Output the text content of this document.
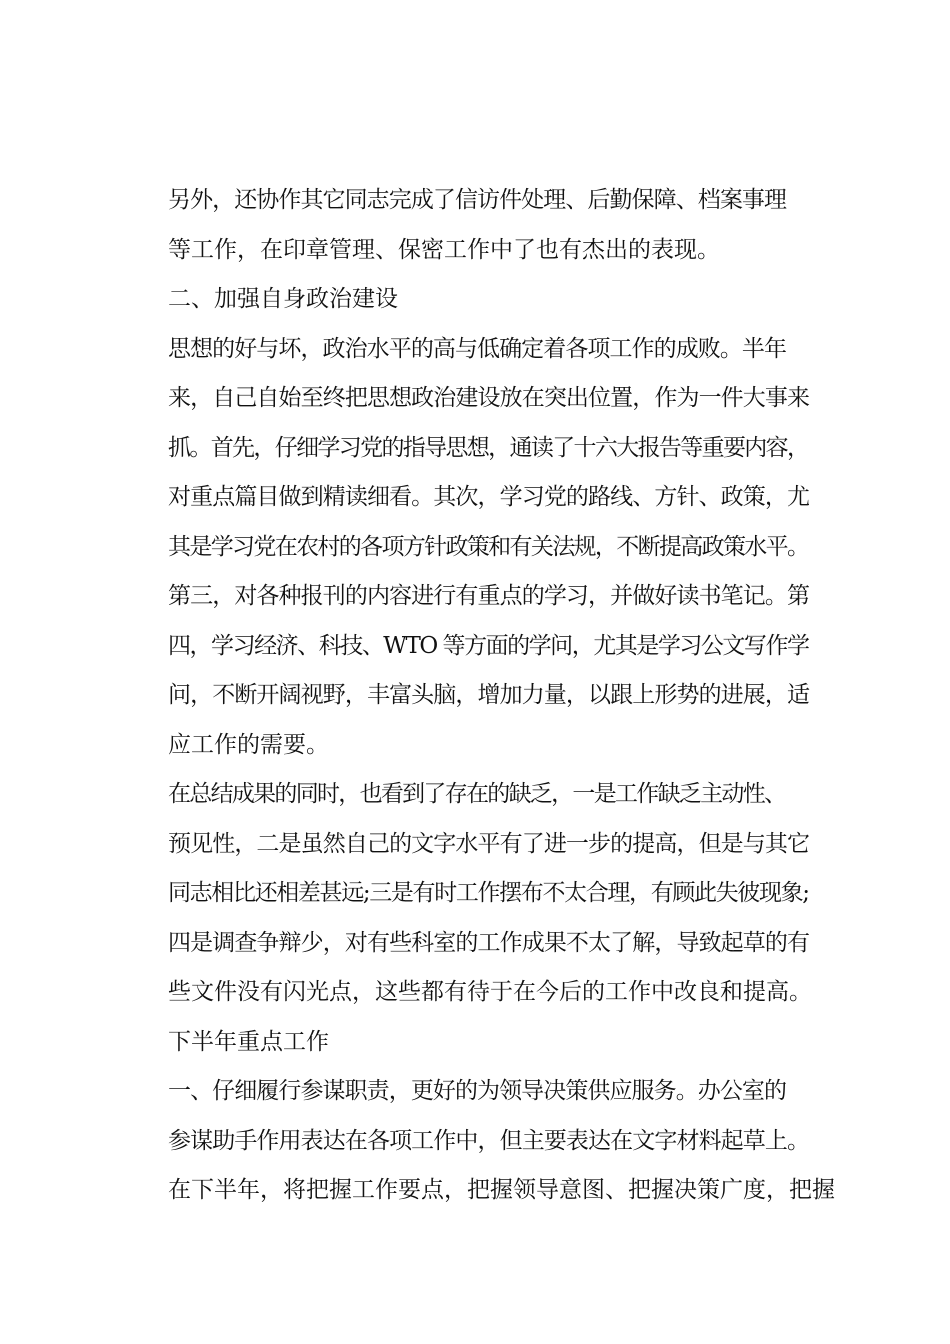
另外，还协作其它同志完成了信访件处理、后勤保障、档案事理
等工作，在印章管理、保密工作中了也有杰出的表现。
二、加强自身政治建设
思想的好与坏，政治水平的高与低确定着各项工作的成败。半年
来，自己自始至终把思想政治建设放在突出位置，作为一件大事来
抓。首先，仔细学习党的指导思想，通读了十六大报告等重要内容，
对重点篇目做到精读细看。其次，学习党的路线、方针、政策，尤
其是学习党在农村的各项方针政策和有关法规，不断提高政策水平。
第三，对各种报刊的内容进行有重点的学习，并做好读书笔记。第
四，学习经济、科技、WTO 等方面的学问，尤其是学习公文写作学
问，不断开阔视野，丰富头脑，增加力量，以跟上形势的进展，适
应工作的需要。
在总结成果的同时，也看到了存在的缺乏，一是工作缺乏主动性、
预见性，二是虽然自己的文字水平有了进一步的提高，但是与其它
同志相比还相差甚远;三是有时工作摆布不太合理，有顾此失彼现象;
四是调查争辩少，对有些科室的工作成果不太了解，导致起草的有
些文件没有闪光点，这些都有待于在今后的工作中改良和提高。
下半年重点工作
一、仔细履行参谋职责，更好的为领导决策供应服务。办公室的
参谋助手作用表达在各项工作中，但主要表达在文字材料起草上。
在下半年，将把握工作要点，把握领导意图、把握决策广度，把握
